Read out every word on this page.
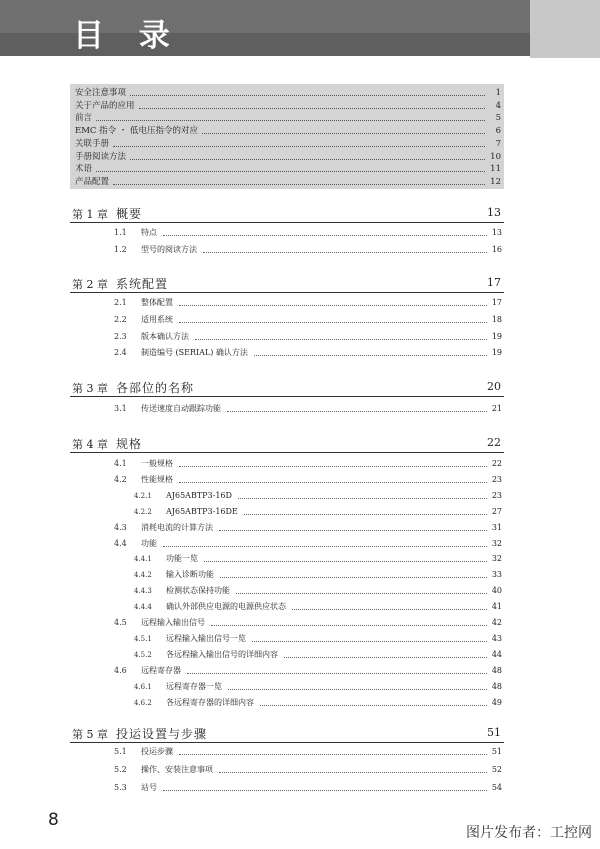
目 录
安全注意事项	1
关于产品的应用	4
前言	5
EMC 指令 ・ 低电压指令的对应	6
关联手册	7
手册阅读方法	10
术语	11
产品配置	12
第 1 章 概要	13
1.1	特点	13
1.2	型号的阅读方法	16
第 2 章 系统配置	17
2.1	整体配置	17
2.2	适用系统	18
2.3	版本确认方法	19
2.4	制造编号 (SERIAL) 确认方法	19
第 3 章 各部位的名称	20
3.1	传送速度自动跟踪功能	21
第 4 章 规格	22
4.1	一般规格	22
4.2	性能规格	23
4.2.1	AJ65ABTP3-16D	23
4.2.2	AJ65ABTP3-16DE	27
4.3	消耗电流的计算方法	31
4.4	功能	32
4.4.1	功能一览	32
4.4.2	输入诊断功能	33
4.4.3	检测状态保持功能	40
4.4.4	确认外部供应电源的电源供应状态	41
4.5	远程输入输出信号	42
4.5.1	远程输入输出信号一览	43
4.5.2	各远程输入输出信号的详细内容	44
4.6	远程寄存器	48
4.6.1	远程寄存器一览	48
4.6.2	各远程寄存器的详细内容	49
第 5 章 投运设置与步骤	51
5.1	投运步骤	51
5.2	操作、安装注意事项	52
5.3	站号	54
8
图片发布者：工控网
